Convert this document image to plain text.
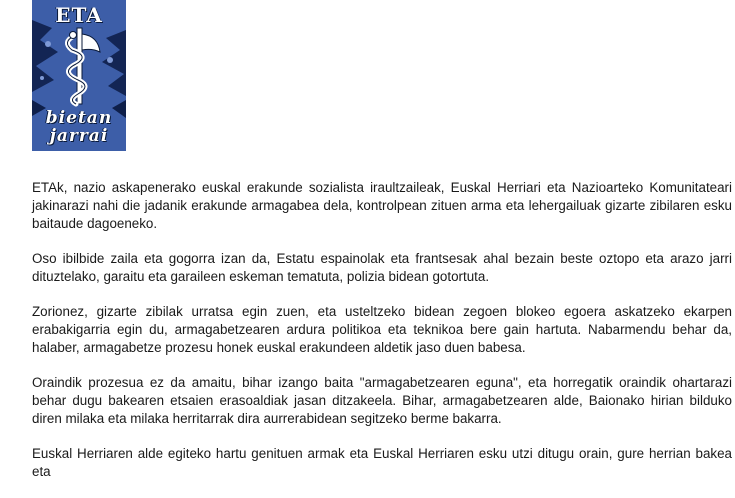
ETA
bietan
jarrai

ETAk, nazio askapenerako euskal erakunde sozialista iraultzaileak, Euskal Herriari eta Nazioarteko Komunitateari jakinarazi nahi die jadanik erakunde armagabea dela, kontrolpean zituen arma eta lehergailuak gizarte zibilaren esku baitaude dagoeneko.

Oso ibilbide zaila eta gogorra izan da, Estatu espainolak eta frantsesak ahal bezain beste oztopo eta arazo jarri dituztelako, garaitu eta garaileen eskeman tematuta, polizia bidean gotortuta.

Zorionez, gizarte zibilak urratsa egin zuen, eta usteltzeko bidean zegoen blokeo egoera askatzeko ekarpen erabakigarria egin du, armagabetzearen ardura politikoa eta teknikoa bere gain hartuta. Nabarmendu behar da, halaber, armagabetze prozesu honek euskal erakundeen aldetik jaso duen babesa.

Oraindik prozesua ez da amaitu, bihar izango baita "armagabetzearen eguna", eta horregatik oraindik ohartarazi behar dugu bakearen etsaien erasoaldiak jasan ditzakeela. Bihar, armagabetzearen alde, Baionako hirian bilduko diren milaka eta milaka herritarrak dira aurrerabidean segitzeko berme bakarra.

Euskal Herriaren alde egiteko hartu genituen armak eta Euskal Herriaren esku utzi ditugu orain, gure herrian bakea eta
